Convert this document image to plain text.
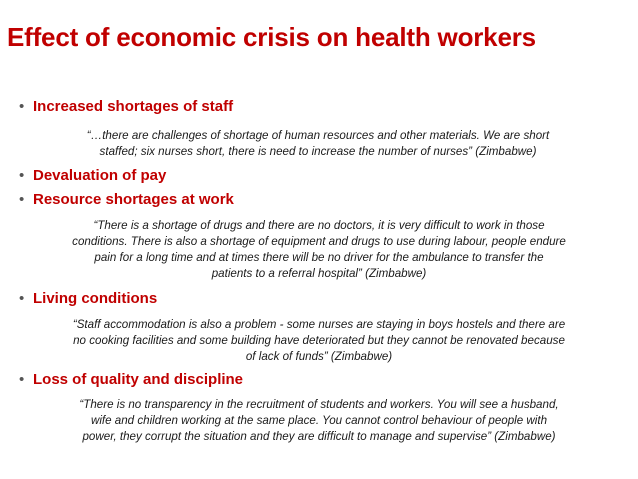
Effect of economic crisis on health workers
• Increased shortages of staff
“…there are challenges of shortage of human resources and other materials. We are short
staffed; six nurses short, there is need to increase the number of nurses” (Zimbabwe)
• Devaluation of pay
• Resource shortages at work
“There is a shortage of drugs and there are no doctors, it is very difficult to work in those
conditions. There is also a shortage of equipment and drugs to use during labour, people endure
pain for a long time and at times there will be no driver for the ambulance to transfer the
patients to a referral hospital” (Zimbabwe)
• Living conditions
“Staff accommodation is also a problem - some nurses are staying in boys hostels and there are
no cooking facilities and some building have deteriorated but they cannot be renovated because
of lack of funds” (Zimbabwe)
• Loss of quality and discipline
“There is no transparency in the recruitment of students and workers. You will see a husband,
wife and children working at the same place. You cannot control behaviour of people with
power, they corrupt the situation and they are difficult to manage and supervise” (Zimbabwe)
